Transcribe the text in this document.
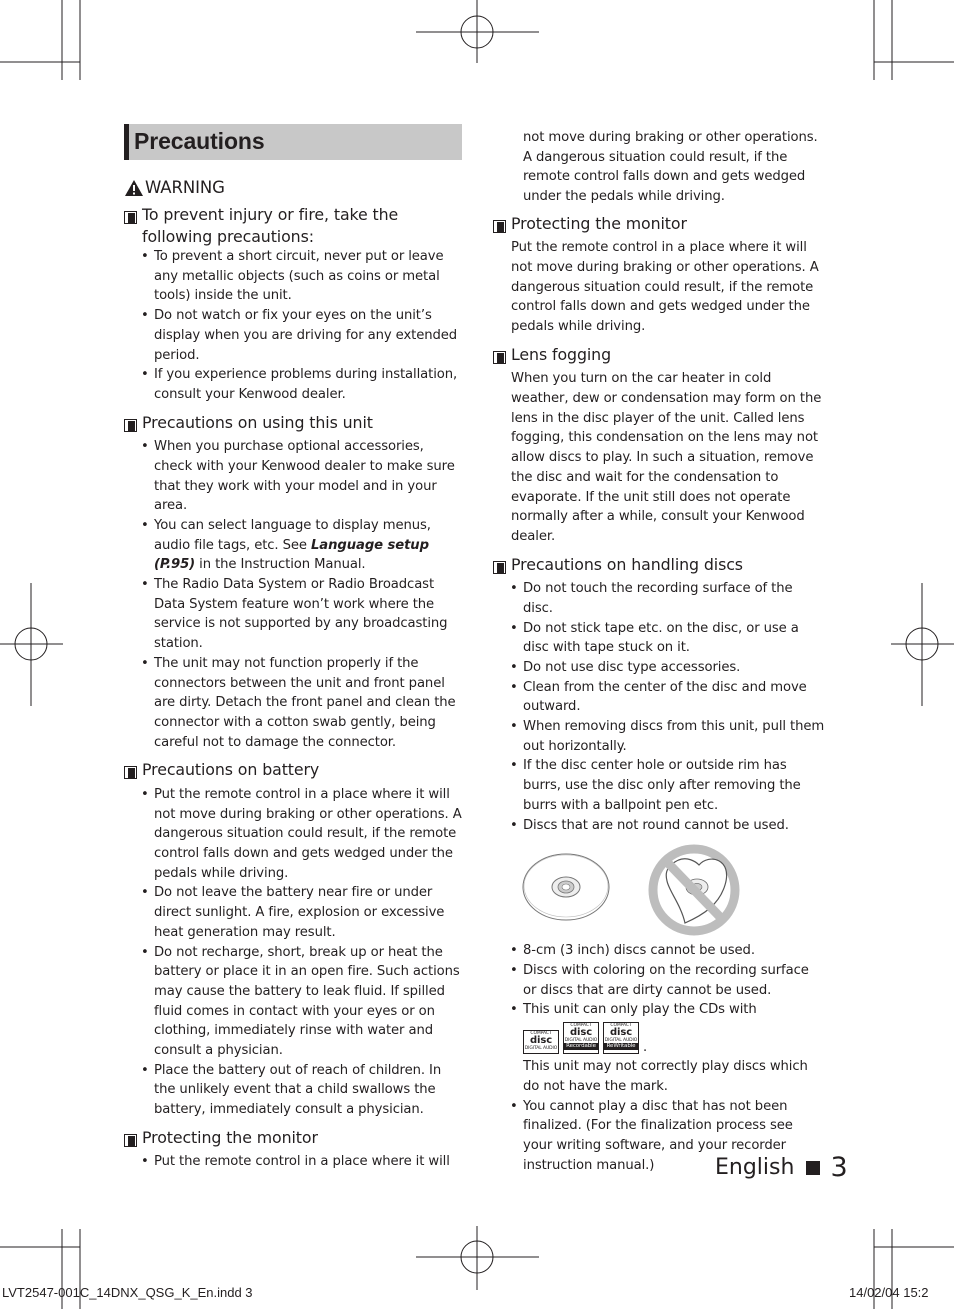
Precautions
WARNING
To prevent injury or fire, take the following precautions:
• To prevent a short circuit, never put or leave any metallic objects (such as coins or metal tools) inside the unit.
• Do not watch or fix your eyes on the unit’s display when you are driving for any extended period.
• If you experience problems during installation, consult your Kenwood dealer.
Precautions on using this unit
• When you purchase optional accessories, check with your Kenwood dealer to make sure that they work with your model and in your area.
• You can select language to display menus, audio file tags, etc. See Language setup (P.95) in the Instruction Manual.
• The Radio Data System or Radio Broadcast Data System feature won’t work where the service is not supported by any broadcasting station.
• The unit may not function properly if the connectors between the unit and front panel are dirty. Detach the front panel and clean the connector with a cotton swab gently, being careful not to damage the connector.
Precautions on battery
• Put the remote control in a place where it will not move during braking or other operations. A dangerous situation could result, if the remote control falls down and gets wedged under the pedals while driving.
• Do not leave the battery near fire or under direct sunlight. A fire, explosion or excessive heat generation may result.
• Do not recharge, short, break up or heat the battery or place it in an open fire. Such actions may cause the battery to leak fluid. If spilled fluid comes in contact with your eyes or on clothing, immediately rinse with water and consult a physician.
• Place the battery out of reach of children. In the unlikely event that a child swallows the battery, immediately consult a physician.
Protecting the monitor
• Put the remote control in a place where it will
not move during braking or other operations. A dangerous situation could result, if the remote control falls down and gets wedged under the pedals while driving.
Protecting the monitor
Put the remote control in a place where it will not move during braking or other operations. A dangerous situation could result, if the remote control falls down and gets wedged under the pedals while driving.
Lens fogging
When you turn on the car heater in cold weather, dew or condensation may form on the lens in the disc player of the unit. Called lens fogging, this condensation on the lens may not allow discs to play. In such a situation, remove the disc and wait for the condensation to evaporate. If the unit still does not operate normally after a while, consult your Kenwood dealer.
Precautions on handling discs
• Do not touch the recording surface of the disc.
• Do not stick tape etc. on the disc, or use a disc with tape stuck on it.
• Do not use disc type accessories.
• Clean from the center of the disc and move outward.
• When removing discs from this unit, pull them out horizontally.
• If the disc center hole or outside rim has burrs, use the disc only after removing the burrs with a ballpoint pen etc.
• Discs that are not round cannot be used.
• 8-cm (3 inch) discs cannot be used.
• Discs with coloring on the recording surface or discs that are dirty cannot be used.
• This unit can only play the CDs with
COMPACT
disc
DIGITAL AUDIO
COMPACT
disc
DIGITAL AUDIO
Recordable
COMPACT
disc
DIGITAL AUDIO
ReWritable .
This unit may not correctly play discs which do not have the mark.
• You cannot play a disc that has not been finalized. (For the finalization process see your writing software, and your recorder instruction manual.)	English 3
LVT2547-001C_14DNX_QSG_K_En.indd 3	14/02/04 15:2
